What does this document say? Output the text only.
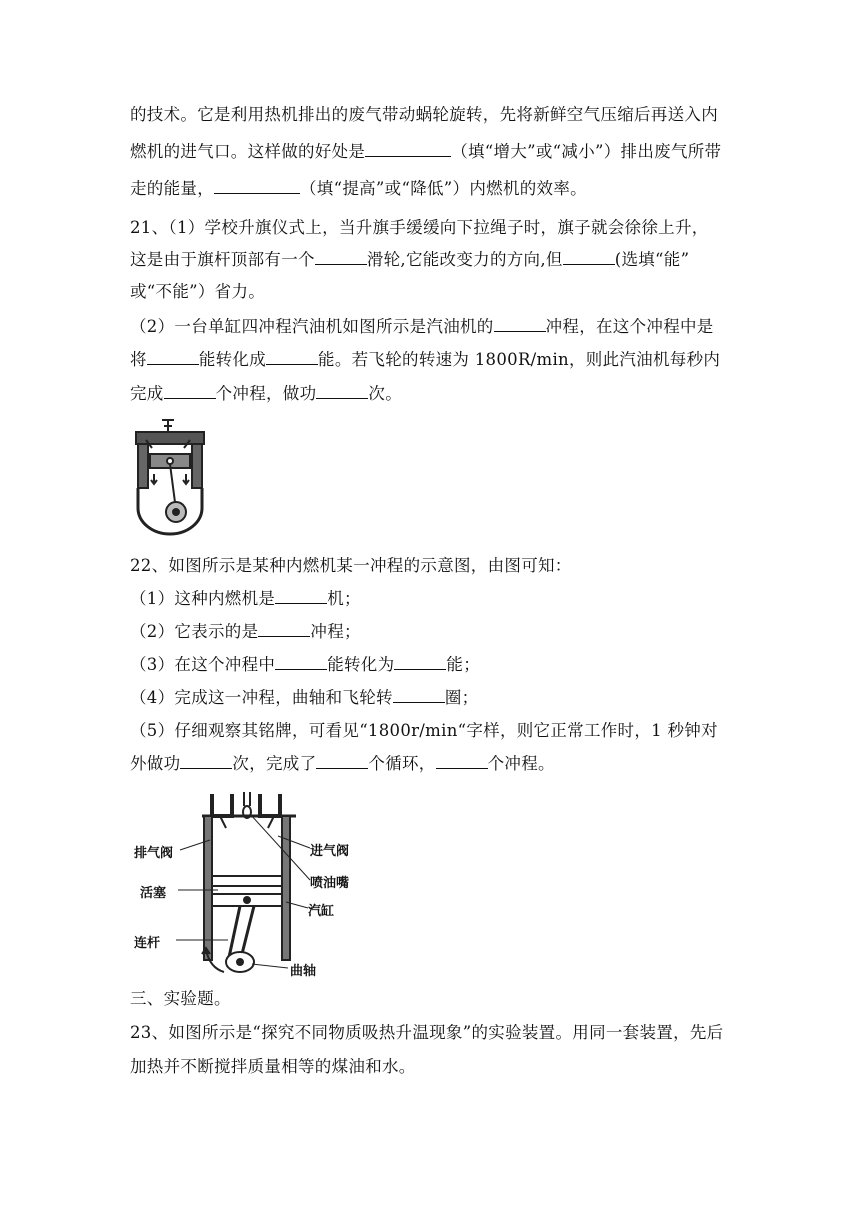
的技术。它是利用热机排出的废气带动蜗轮旋转，先将新鲜空气压缩后再送入内
燃机的进气口。这样做的好处是	（填“增大”或“减小”）排出废气所带
走的能量，	（填“提高”或“降低”）内燃机的效率。
21、（1）学校升旗仪式上，当升旗手缓缓向下拉绳子时，旗子就会徐徐上升，
这是由于旗杆顶部有一个	滑轮,它能改变力的方向,但	(选填“能”
或“不能”）省力。
（2）一台单缸四冲程汽油机如图所示是汽油机的	冲程，在这个冲程中是
将	能转化成	能。若飞轮的转速为 1800R/min，则此汽油机每秒内
完成	个冲程，做功	次。
22、如图所示是某种内燃机某一冲程的示意图，由图可知：
（1）这种内燃机是	机；
（2）它表示的是	冲程；
（3）在这个冲程中	能转化为	能；
（4）完成这一冲程，曲轴和飞轮转	圈；
（5）仔细观察其铭牌，可看见“1800r/min“字样，则它正常工作时，1 秒钟对
外做功	次，完成了	个循环，	个冲程。
排气阀	进气阀
喷油嘴
活塞
汽缸
连杆
曲轴
三、实验题。
23、如图所示是“探究不同物质吸热升温现象”的实验装置。用同一套装置，先后
加热并不断搅拌质量相等的煤油和水。
